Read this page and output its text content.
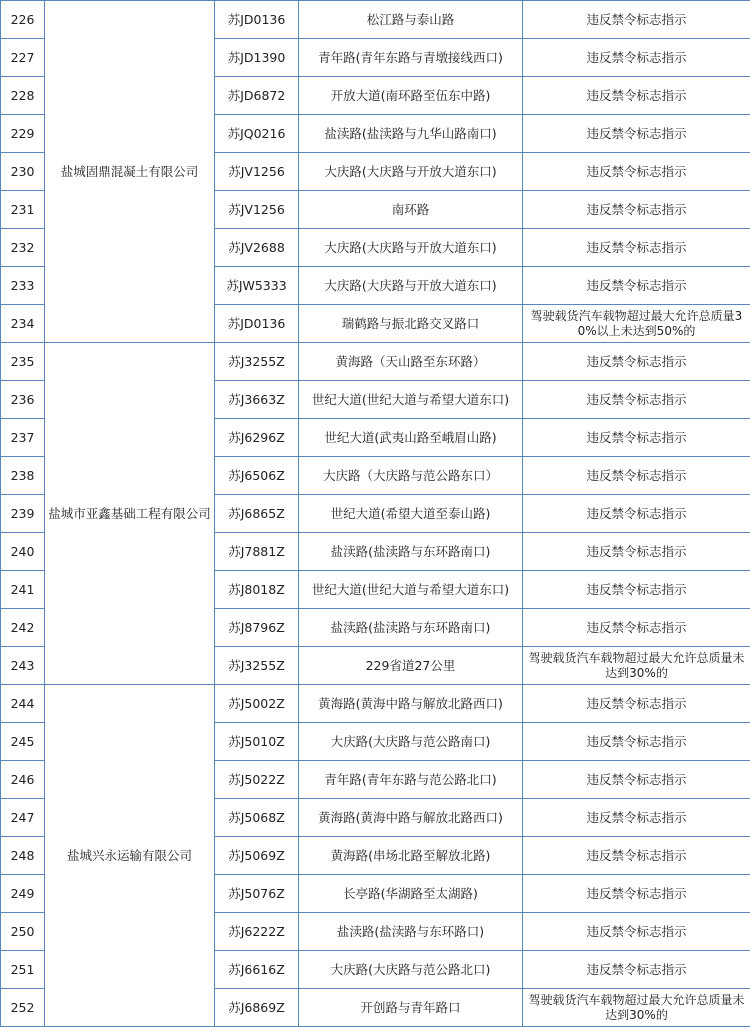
226	盐城固鼎混凝土有限公司	苏JD0136	松江路与泰山路	违反禁令标志指示
227		苏JD1390	青年路(青年东路与青墩接线西口)	违反禁令标志指示
228		苏JD6872	开放大道(南环路至伍东中路)	违反禁令标志指示
229		苏JQ0216	盐渎路(盐渎路与九华山路南口)	违反禁令标志指示
230		苏JV1256	大庆路(大庆路与开放大道东口)	违反禁令标志指示
231		苏JV1256	南环路	违反禁令标志指示
232		苏JV2688	大庆路(大庆路与开放大道东口)	违反禁令标志指示
233		苏JW5333	大庆路(大庆路与开放大道东口)	违反禁令标志指示
234		苏JD0136	瑞鹤路与振北路交叉路口	驾驶载货汽车载物超过最大允许总质量30%以上未达到50%的
235	盐城市亚鑫基础工程有限公司	苏J3255Z	黄海路（天山路至东环路）	违反禁令标志指示
236		苏J3663Z	世纪大道(世纪大道与希望大道东口)	违反禁令标志指示
237		苏J6296Z	世纪大道(武夷山路至峨眉山路)	违反禁令标志指示
238		苏J6506Z	大庆路（大庆路与范公路东口）	违反禁令标志指示
239		苏J6865Z	世纪大道(希望大道至泰山路)	违反禁令标志指示
240		苏J7881Z	盐渎路(盐渎路与东环路南口)	违反禁令标志指示
241		苏J8018Z	世纪大道(世纪大道与希望大道东口)	违反禁令标志指示
242		苏J8796Z	盐渎路(盐渎路与东环路南口)	违反禁令标志指示
243		苏J3255Z	229省道27公里	驾驶载货汽车载物超过最大允许总质量未达到30%的
244	盐城兴永运输有限公司	苏J5002Z	黄海路(黄海中路与解放北路西口)	违反禁令标志指示
245		苏J5010Z	大庆路(大庆路与范公路南口)	违反禁令标志指示
246		苏J5022Z	青年路(青年东路与范公路北口)	违反禁令标志指示
247		苏J5068Z	黄海路(黄海中路与解放北路西口)	违反禁令标志指示
248		苏J5069Z	黄海路(串场北路至解放北路)	违反禁令标志指示
249		苏J5076Z	长亭路(华湖路至太湖路)	违反禁令标志指示
250		苏J6222Z	盐渎路(盐渎路与东环路口)	违反禁令标志指示
251		苏J6616Z	大庆路(大庆路与范公路北口)	违反禁令标志指示
252		苏J6869Z	开创路与青年路口	驾驶载货汽车载物超过最大允许总质量未达到30%的
